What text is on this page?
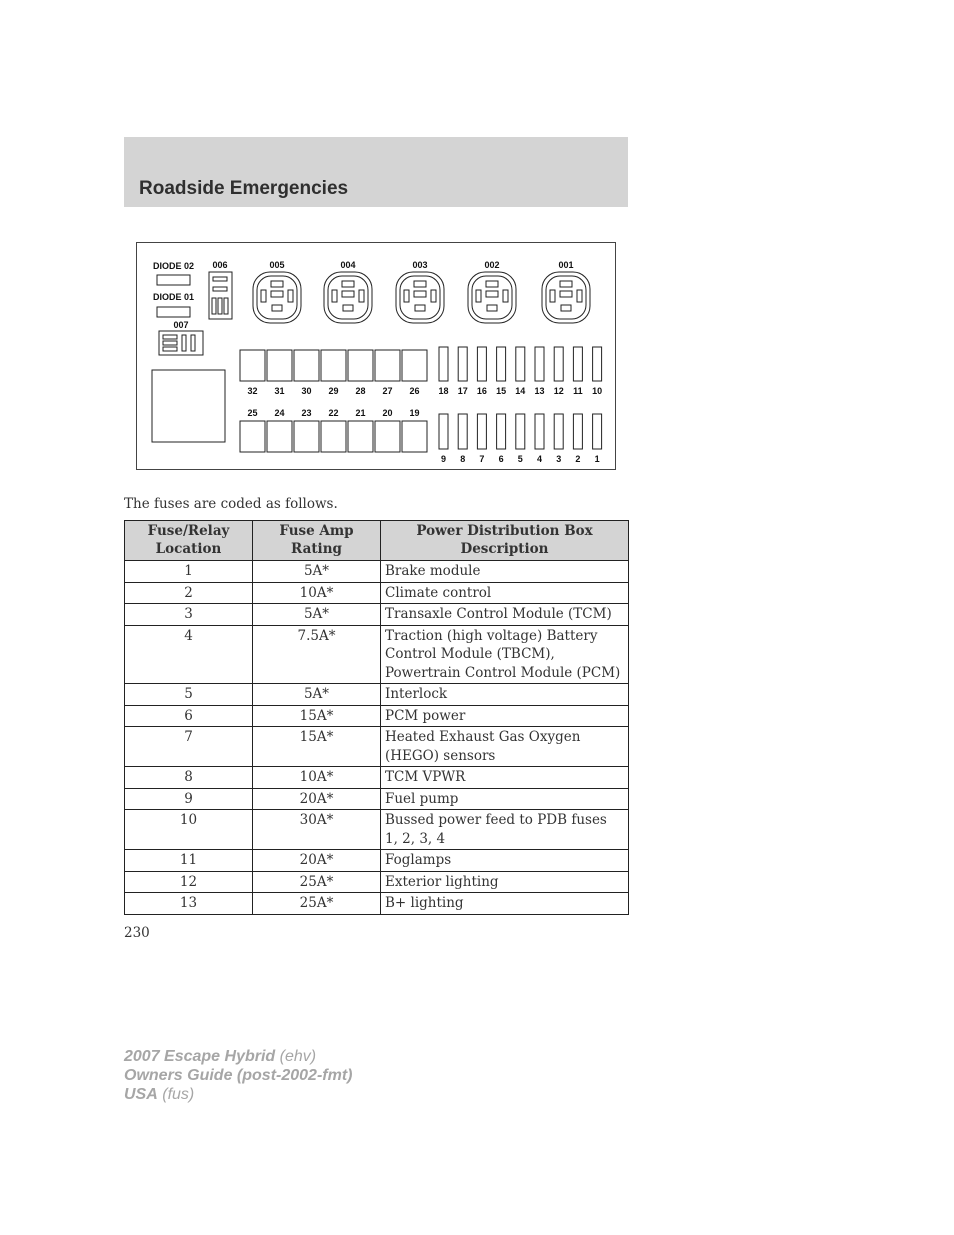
Roadside Emergencies
DIODE 02
DIODE 01
006
007
005	004	003	002	001
32 31 30 29 28 27 26
25 24 23 22 21 20 19
18 17 16 15 14 13 12 11 10
9 8 7 6 5 4 3 2 1

The fuses are coded as follows.

Fuse/Relay Location	Fuse Amp Rating	Power Distribution Box Description
1	5A*	Brake module
2	10A*	Climate control
3	5A*	Transaxle Control Module (TCM)
4	7.5A*	Traction (high voltage) Battery Control Module (TBCM), Powertrain Control Module (PCM)
5	5A*	Interlock
6	15A*	PCM power
7	15A*	Heated Exhaust Gas Oxygen (HEGO) sensors
8	10A*	TCM VPWR
9	20A*	Fuel pump
10	30A*	Bussed power feed to PDB fuses 1, 2, 3, 4
11	20A*	Foglamps
12	25A*	Exterior lighting
13	25A*	B+ lighting
230
2007 Escape Hybrid (ehv)
Owners Guide (post-2002-fmt)
USA (fus)
